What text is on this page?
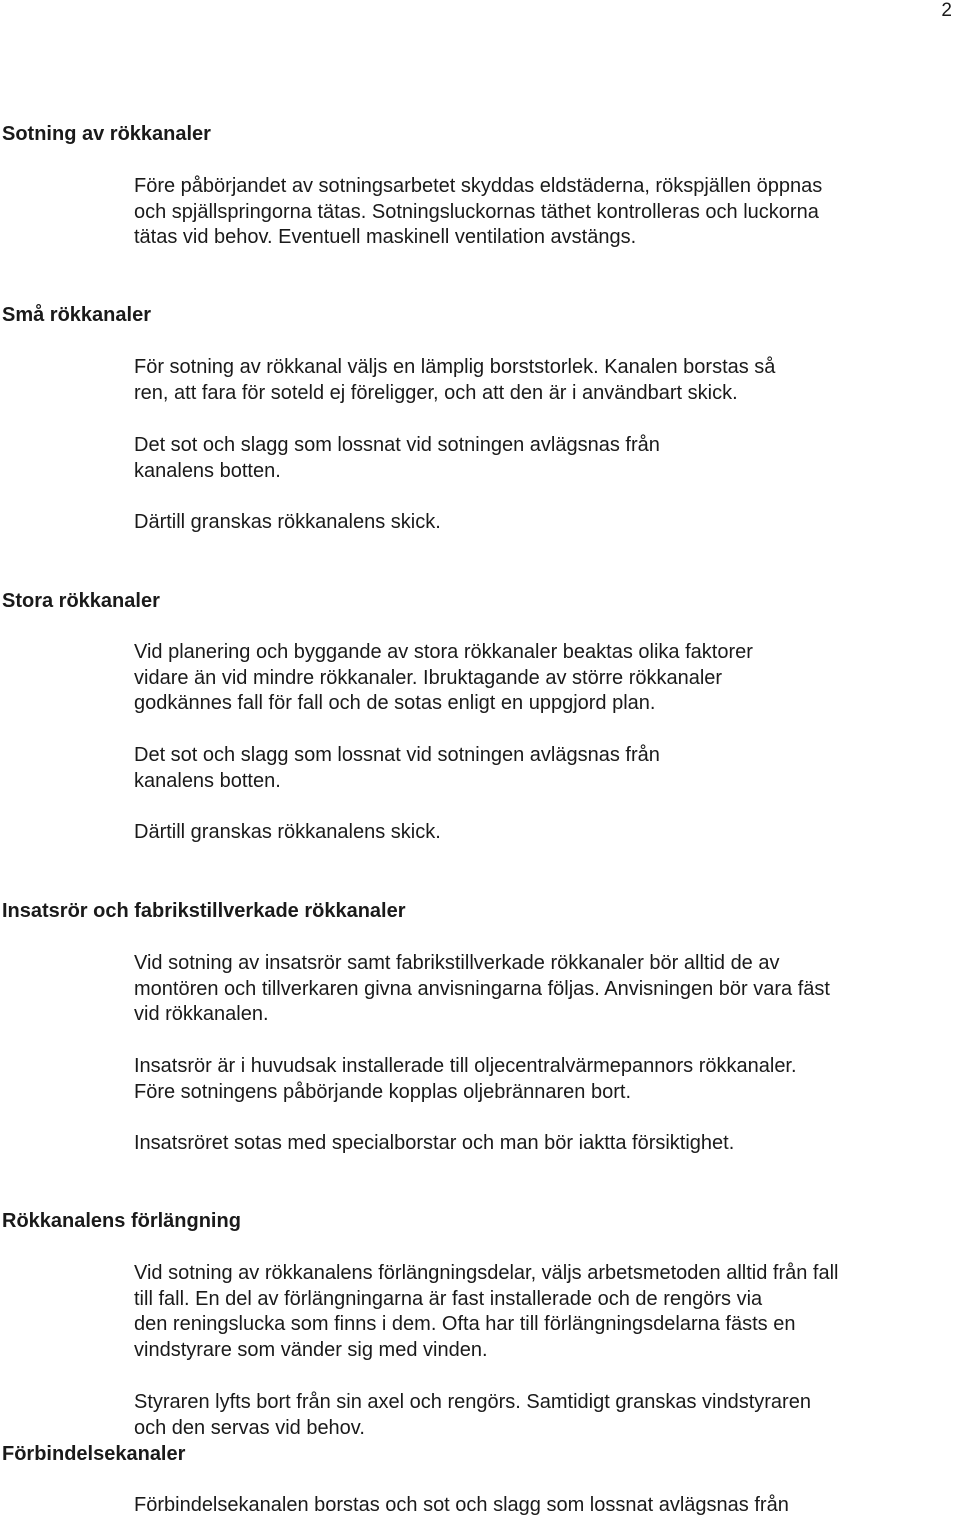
2
Sotning av rökkanaler

Före påbörjandet av sotningsarbetet skyddas eldstäderna, rökspjällen öppnas
och spjällspringorna tätas. Sotningsluckornas täthet kontrolleras och luckorna
tätas vid behov. Eventuell maskinell ventilation avstängs.

Små rökkanaler

För sotning av rökkanal väljs en lämplig borststorlek. Kanalen borstas så
ren, att fara för soteld ej föreligger, och att den är i användbart skick.

Det sot och slagg som lossnat vid sotningen avlägsnas från
kanalens botten.

Därtill granskas rökkanalens skick.

Stora rökkanaler

Vid planering och byggande av stora rökkanaler beaktas olika faktorer
vidare än vid mindre rökkanaler. Ibruktagande av större rökkanaler
godkännes fall för fall och de sotas enligt en uppgjord plan.

Det sot och slagg som lossnat vid sotningen avlägsnas från
kanalens botten.

Därtill granskas rökkanalens skick.

Insatsrör och fabrikstillverkade rökkanaler

Vid sotning av insatsrör samt fabrikstillverkade rökkanaler bör alltid de av
montören och tillverkaren givna anvisningarna följas. Anvisningen bör vara fäst
vid rökkanalen.

Insatsrör är i huvudsak installerade till oljecentralvärmepannors rökkanaler.
Före sotningens påbörjande kopplas oljebrännaren bort.

Insatsröret sotas med specialborstar och man bör iaktta försiktighet.

Rökkanalens förlängning

Vid sotning av rökkanalens förlängningsdelar, väljs arbetsmetoden alltid från fall
till fall. En del av förlängningarna är fast installerade och de rengörs via
den reningslucka som finns i dem. Ofta har till förlängningsdelarna fästs en
vindstyrare som vänder sig med vinden.

Styraren lyfts bort från sin axel och rengörs. Samtidigt granskas vindstyraren
och den servas vid behov.

Förbindelsekanaler

Förbindelsekanalen borstas och sot och slagg som lossnat avlägsnas från
